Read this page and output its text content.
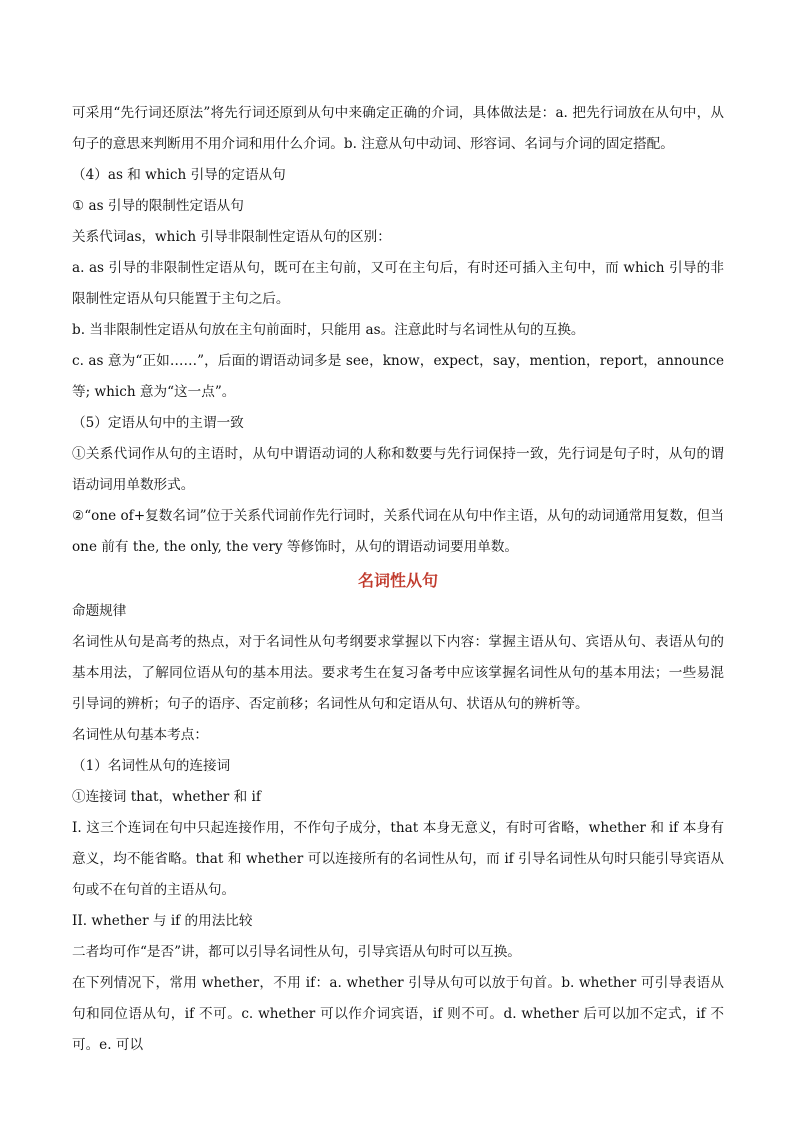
可采用“先行词还原法”将先行词还原到从句中来确定正确的介词，具体做法是：a. 把先行词放在从句中，从句子的意思来判断用不用介词和用什么介词。b. 注意从句中动词、形容词、名词与介词的固定搭配。

（4）as 和 which 引导的定语从句

① as 引导的限制性定语从句

关系代词as，which 引导非限制性定语从句的区别：

a. as 引导的非限制性定语从句，既可在主句前，又可在主句后，有时还可插入主句中，而 which 引导的非限制性定语从句只能置于主句之后。

b. 当非限制性定语从句放在主句前面时，只能用 as。注意此时与名词性从句的互换。

c. as 意为“正如……”，后面的谓语动词多是 see，know，expect，say，mention，report，announce 等; which 意为“这一点”。

（5）定语从句中的主谓一致

①关系代词作从句的主语时，从句中谓语动词的人称和数要与先行词保持一致，先行词是句子时，从句的谓语动词用单数形式。

②“one of+复数名词”位于关系代词前作先行词时，关系代词在从句中作主语，从句的动词通常用复数，但当 one 前有 the, the only, the very 等修饰时，从句的谓语动词要用单数。

名词性从句

命题规律

名词性从句是高考的热点，对于名词性从句考纲要求掌握以下内容：掌握主语从句、宾语从句、表语从句的基本用法，了解同位语从句的基本用法。要求考生在复习备考中应该掌握名词性从句的基本用法；一些易混引导词的辨析；句子的语序、否定前移；名词性从句和定语从句、状语从句的辨析等。

名词性从句基本考点：

（1）名词性从句的连接词

①连接词 that，whether 和 if

I. 这三个连词在句中只起连接作用，不作句子成分，that 本身无意义，有时可省略，whether 和 if 本身有意义，均不能省略。that 和 whether 可以连接所有的名词性从句，而 if 引导名词性从句时只能引导宾语从句或不在句首的主语从句。

II. whether 与 if 的用法比较

二者均可作“是否”讲，都可以引导名词性从句，引导宾语从句时可以互换。

在下列情况下，常用 whether，不用 if：a. whether 引导从句可以放于句首。b. whether 可引导表语从句和同位语从句，if 不可。c. whether 可以作介词宾语，if 则不可。d. whether 后可以加不定式，if 不可。e. 可以
